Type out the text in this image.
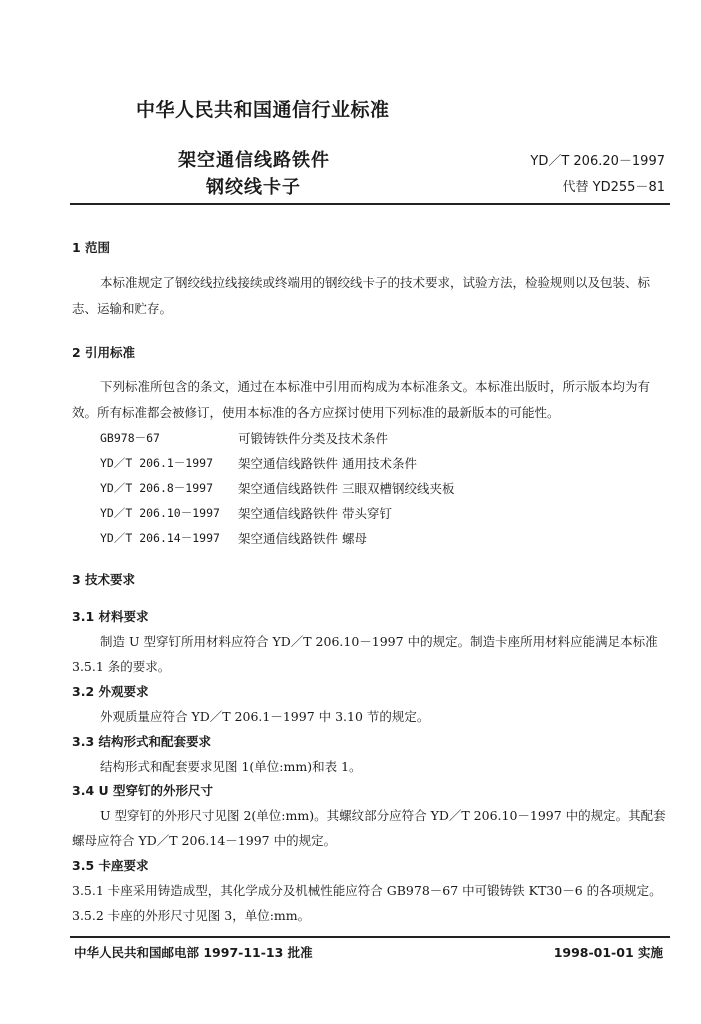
中华人民共和国通信行业标准
架空通信线路铁件
钢绞线卡子
YD／T 206.20－1997
代替 YD255－81
1 范围
本标准规定了钢绞线拉线接续或终端用的钢绞线卡子的技术要求，试验方法，检验规则以及包装、标志、运输和贮存。
2 引用标准
下列标准所包含的条文，通过在本标准中引用而构成为本标准条文。本标准出版时，所示版本均为有效。所有标准都会被修订，使用本标准的各方应探讨使用下列标准的最新版本的可能性。
GB978－67	可锻铸铁件分类及技术条件
YD／T 206.1－1997 架空通信线路铁件 通用技术条件
YD／T 206.8－1997 架空通信线路铁件 三眼双槽钢绞线夹板
YD／T 206.10－1997 架空通信线路铁件 带头穿钉
YD／T 206.14－1997 架空通信线路铁件 螺母
3 技术要求
3.1 材料要求
制造 U 型穿钉所用材料应符合 YD／T 206.10－1997 中的规定。制造卡座所用材料应能满足本标准
3.5.1 条的要求。
3.2 外观要求
外观质量应符合 YD／T 206.1－1997 中 3.10 节的规定。
3.3 结构形式和配套要求
结构形式和配套要求见图 1(单位:mm)和表 1。
3.4 U 型穿钉的外形尺寸
U 型穿钉的外形尺寸见图 2(单位:mm)。其螺纹部分应符合 YD／T 206.10－1997 中的规定。其配套
螺母应符合 YD／T 206.14－1997 中的规定。
3.5 卡座要求
3.5.1 卡座采用铸造成型，其化学成分及机械性能应符合 GB978－67 中可锻铸铁 KT30－6 的各项规定。
3.5.2 卡座的外形尺寸见图 3，单位:mm。
中华人民共和国邮电部 1997-11-13 批准	1998-01-01 实施
